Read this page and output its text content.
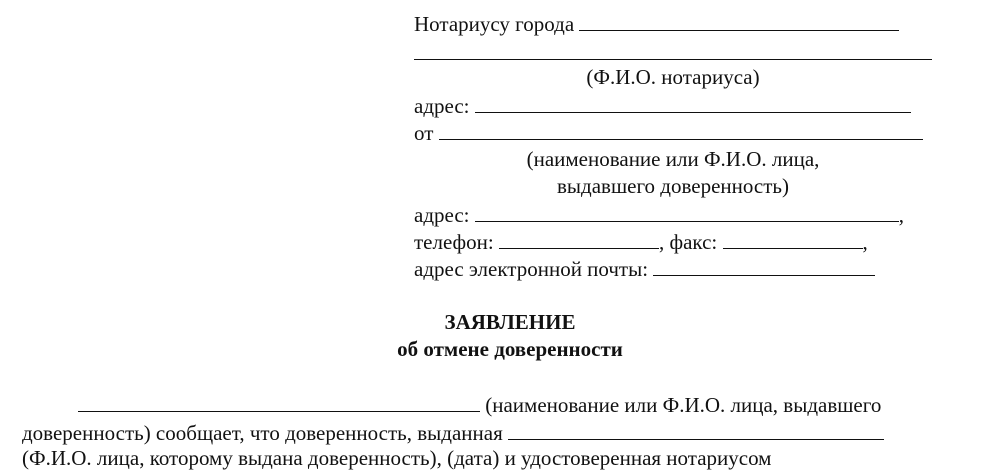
Нотариусу города
(Ф.И.О. нотариуса)
адрес:
от
(наименование или Ф.И.О. лица,
выдавшего доверенность)
адрес:	,
телефон:	, факс:	,
адрес электронной почты:
ЗАЯВЛЕНИЕ
об отмене доверенности
(наименование или Ф.И.О. лица, выдавшего
доверенность) сообщает, что доверенность, выданная
(Ф.И.О. лица, которому выдана доверенность), (дата) и удостоверенная нотариусом
